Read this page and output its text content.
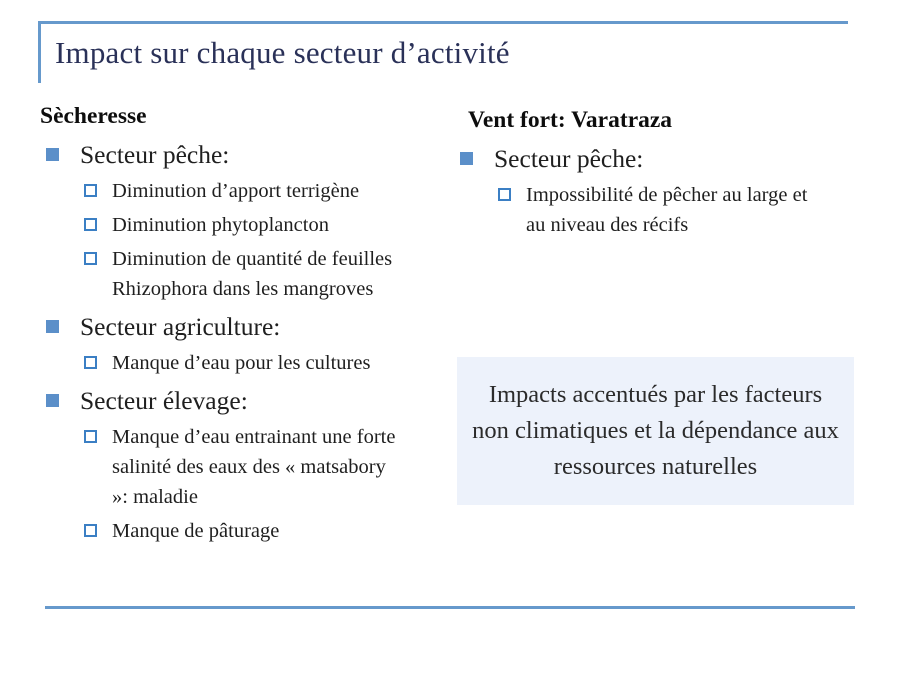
Impact sur chaque secteur d’activité
Sècheresse
Secteur pêche:
Diminution d’apport terrigène
Diminution phytoplancton
Diminution de quantité de feuilles Rhizophora dans les mangroves
Secteur agriculture:
Manque d’eau pour les cultures
Secteur élevage:
Manque d’eau entrainant une forte salinité des eaux des « matsabory »: maladie
Manque de pâturage
Vent fort: Varatraza
Secteur pêche:
Impossibilité de pêcher au large et au niveau des récifs

Impacts accentués par les facteurs non climatiques et la dépendance aux ressources naturelles
